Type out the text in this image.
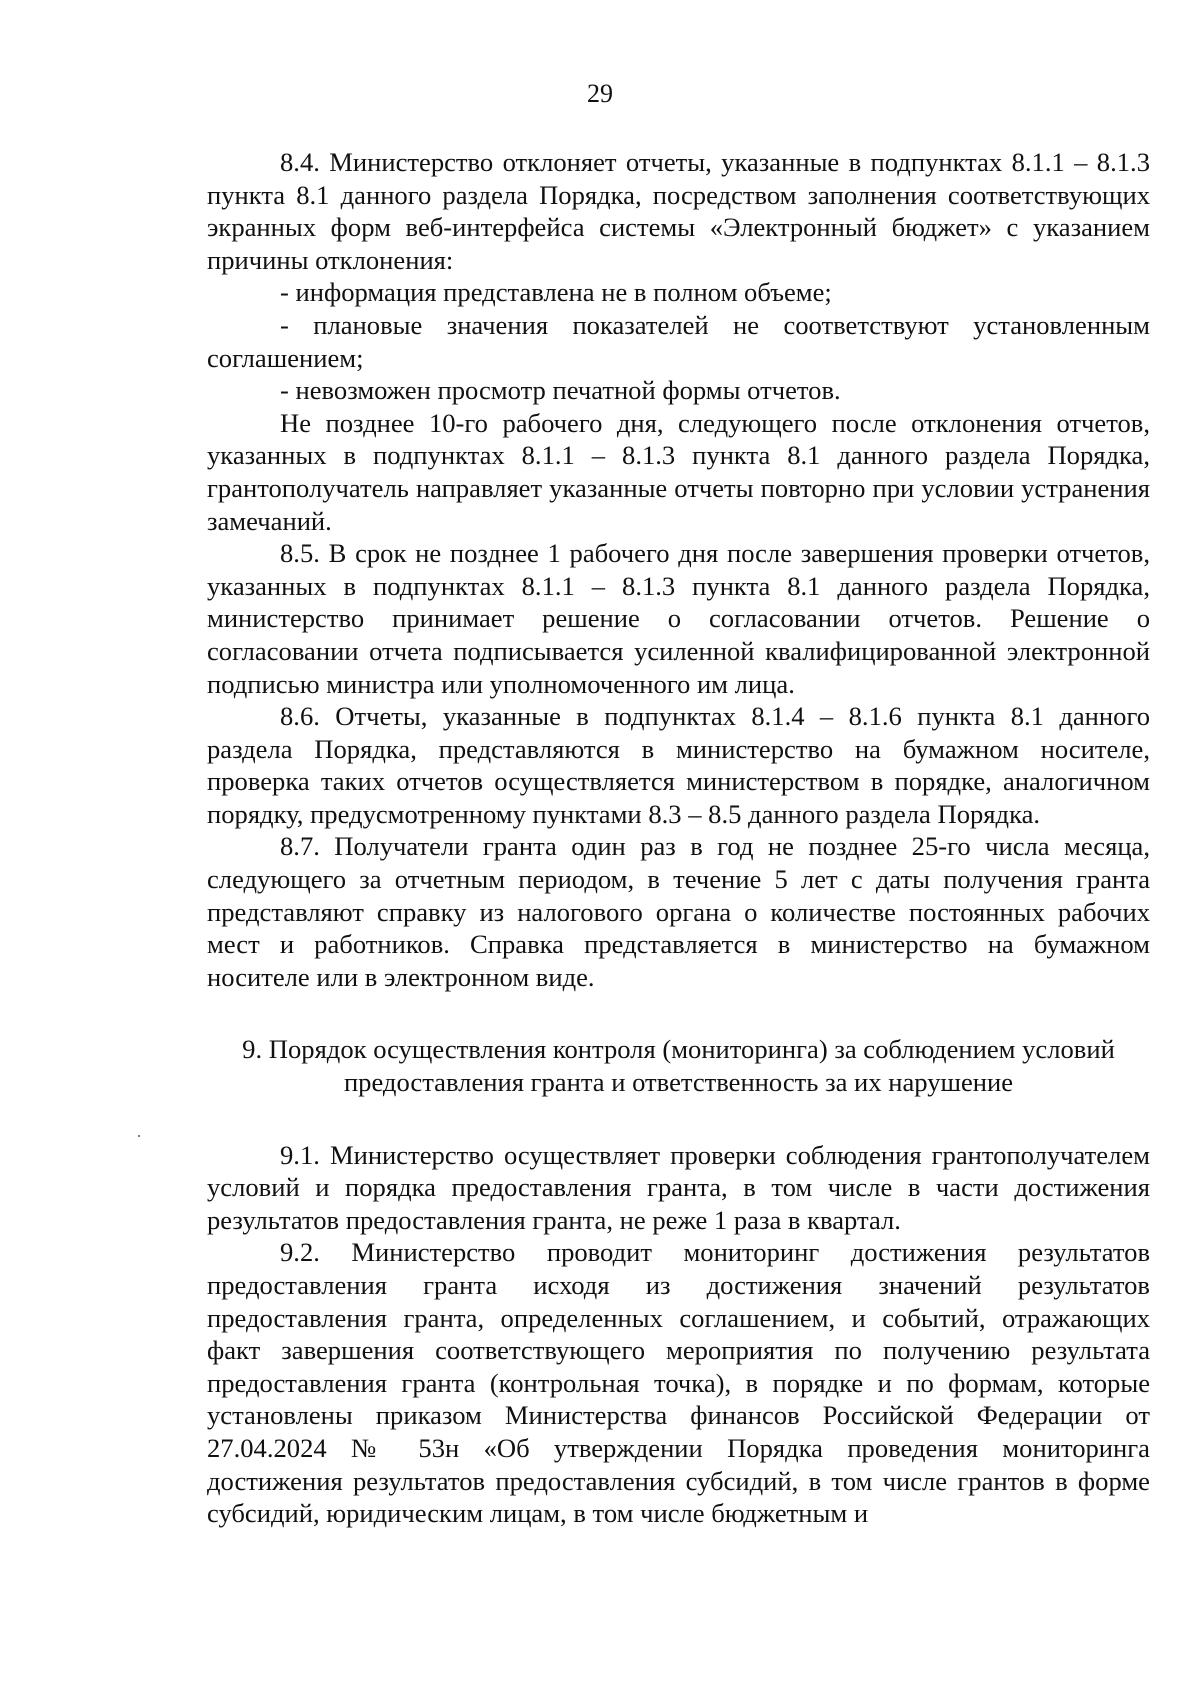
29

8.4. Министерство отклоняет отчеты, указанные в подпунктах 8.1.1 – 8.1.3 пункта 8.1 данного раздела Порядка, посредством заполнения соответствующих экранных форм веб-интерфейса системы «Электронный бюджет» с указанием причины отклонения:

- информация представлена не в полном объеме;

- плановые значения показателей не соответствуют установленным соглашением;

- невозможен просмотр печатной формы отчетов.

Не позднее 10-го рабочего дня, следующего после отклонения отчетов, указанных в подпунктах 8.1.1 – 8.1.3 пункта 8.1 данного раздела Порядка, грантополучатель направляет указанные отчеты повторно при условии устранения замечаний.

8.5. В срок не позднее 1 рабочего дня после завершения проверки отчетов, указанных в подпунктах 8.1.1 – 8.1.3 пункта 8.1 данного раздела Порядка, министерство принимает решение о согласовании отчетов. Решение о согласовании отчета подписывается усиленной квалифицированной электронной подписью министра или уполномоченного им лица.

8.6. Отчеты, указанные в подпунктах 8.1.4 – 8.1.6 пункта 8.1 данного раздела Порядка, представляются в министерство на бумажном носителе, проверка таких отчетов осуществляется министерством в порядке, аналогичном порядку, предусмотренному пунктами 8.3 – 8.5 данного раздела Порядка.

8.7. Получатели гранта один раз в год не позднее 25-го числа месяца, следующего за отчетным периодом, в течение 5 лет с даты получения гранта представляют справку из налогового органа о количестве постоянных рабочих мест и работников. Справка представляется в министерство на бумажном носителе или в электронном виде.

9. Порядок осуществления контроля (мониторинга) за соблюдением условий
предоставления гранта и ответственность за их нарушение

9.1. Министерство осуществляет проверки соблюдения грантополучателем условий и порядка предоставления гранта, в том числе в части достижения результатов предоставления гранта, не реже 1 раза в квартал.

9.2. Министерство проводит мониторинг достижения результатов предоставления гранта исходя из достижения значений результатов предоставления гранта, определенных соглашением, и событий, отражающих факт завершения соответствующего мероприятия по получению результата предоставления гранта (контрольная точка), в порядке и по формам, которые установлены приказом Министерства финансов Российской Федерации от 27.04.2024 № 53н «Об утверждении Порядка проведения мониторинга достижения результатов предоставления субсидий, в том числе грантов в форме субсидий, юридическим лицам, в том числе бюджетным и
